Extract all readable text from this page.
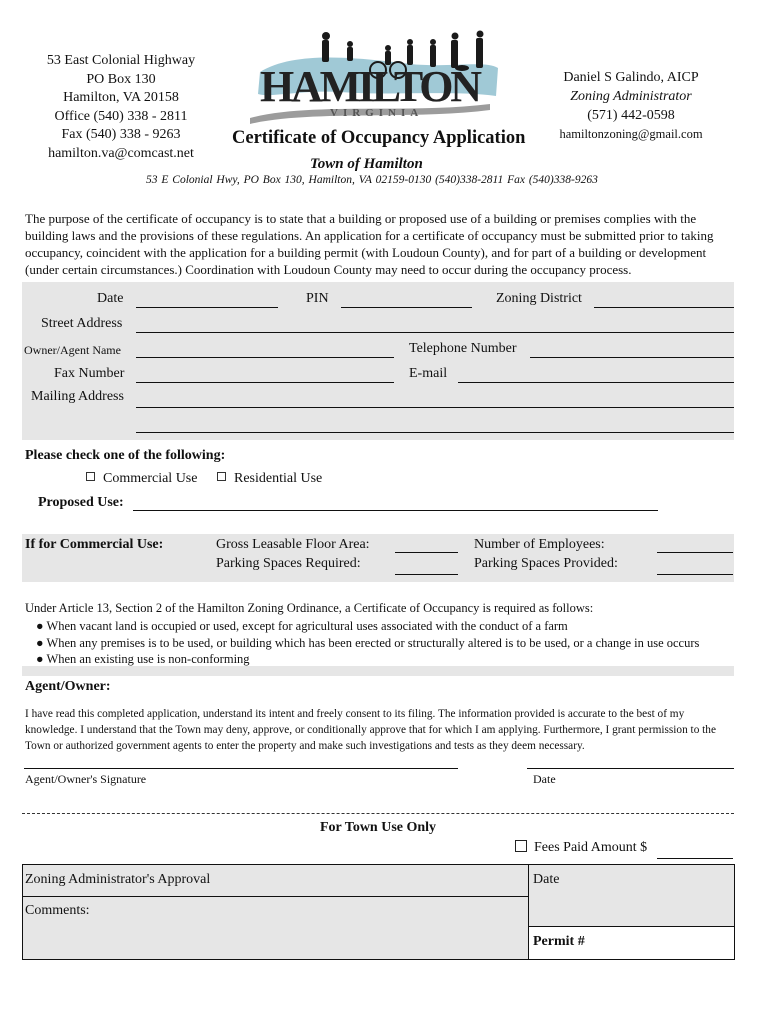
53 East Colonial Highway
PO Box 130
Hamilton, VA 20158
Office (540) 338 - 2811
Fax (540) 338 - 9263
hamilton.va@comcast.net
HAMILTON
VIRGINIA
Daniel S Galindo, AICP
Zoning Administrator
(571) 442-0598
hamiltonzoning@gmail.com
Certificate of Occupancy Application
Town of Hamilton
53 E Colonial Hwy, PO Box 130, Hamilton, VA 02159-0130 (540)338-2811 Fax (540)338-9263
The purpose of the certificate of occupancy is to state that a building or proposed use of a building or premises complies with the building laws and the provisions of these regulations. An application for a certificate of occupancy must be submitted prior to taking occupancy, coincident with the application for a building permit (with Loudoun County), and for part of a building or development (under certain circumstances.) Coordination with Loudoun County may need to occur during the occupancy process.
Date	PIN	Zoning District
Street Address
Owner/Agent Name	Telephone Number
Fax Number	E-mail
Mailing Address
Please check one of the following:
Commercial Use	Residential Use
Proposed Use:
If for Commercial Use:	Gross Leasable Floor Area:	Number of Employees:
Parking Spaces Required:	Parking Spaces Provided:
Under Article 13, Section 2 of the Hamilton Zoning Ordinance, a Certificate of Occupancy is required as follows:
● When vacant land is occupied or used, except for agricultural uses associated with the conduct of a farm
● When any premises is to be used, or building which has been erected or structurally altered is to be used, or a change in use occurs
● When an existing use is non-conforming
Agent/Owner:
I have read this completed application, understand its intent and freely consent to its filing. The information provided is accurate to the best of my knowledge. I understand that the Town may deny, approve, or conditionally approve that for which I am applying. Furthermore, I grant permission to the Town or authorized government agents to enter the property and make such investigations and tests as they deem necessary.
Agent/Owner's Signature	Date
For Town Use Only
Fees Paid Amount $
Zoning Administrator's Approval
Comments:
Date
Permit #
